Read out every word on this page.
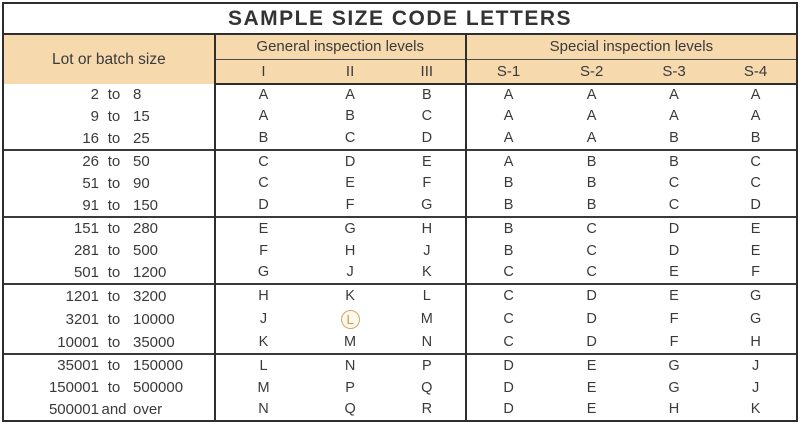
SAMPLE SIZE CODE LETTERS
Lot or batch size	General inspection levels			Special inspection levels			
	I	II	III	S-1	S-2	S-3	S-4

2 to 8	A	A	B	A	A	A	A

9 to 15	A	B	C	A	A	A	A

16 to 25	B	C	D	A	A	B	B

26 to 50	C	D	E	A	B	B	C

51 to 90	C	E	F	B	B	C	C

91 to 150	D	F	G	B	B	C	D

151 to 280	E	G	H	B	C	D	E

281 to 500	F	H	J	B	C	D	E

501 to 1200	G	J	K	C	C	E	F

1201 to 3200	H	K	L	C	D	E	G

3201 to 10000	J	L	M	C	D	F	G

10001 to 35000	K	M	N	C	D	F	H

35001 to 150000	L	N	P	D	E	G	J

150001 to 500000	M	P	Q	D	E	G	J

500001 and over	N	Q	R	D	E	H	K
